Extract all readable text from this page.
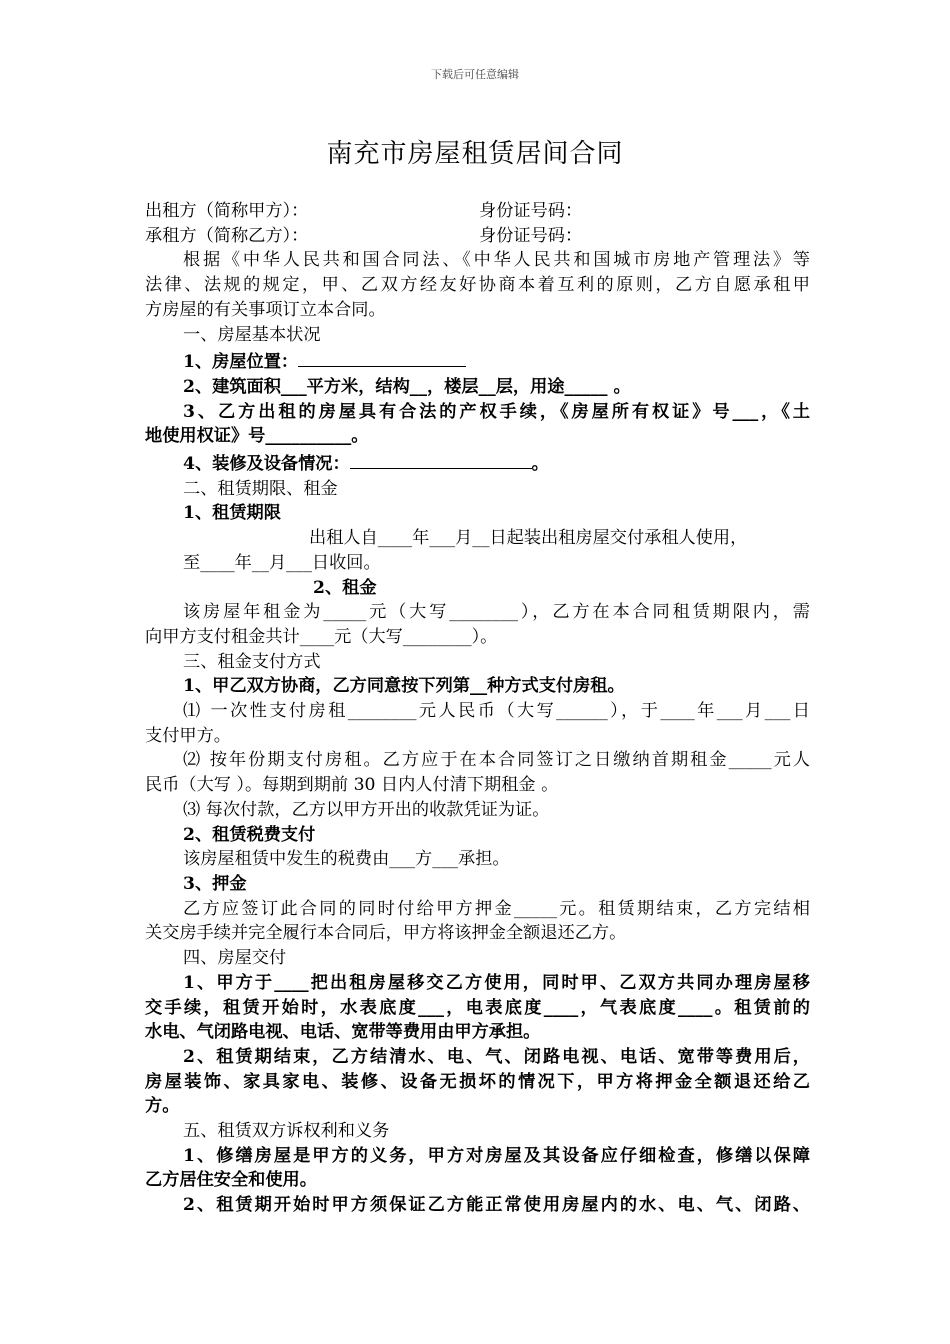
下载后可任意编辑
南充市房屋租赁居间合同
出租方（简称甲方）：	身份证号码：
承租方（简称乙方）：	身份证号码：
根据《中华人民共和国合同法、《中华人民共和国城市房地产管理法》等
法律、法规的规定，甲、乙双方经友好协商本着互利的原则，乙方自愿承租甲
方房屋的有关事项订立本合同。
一、房屋基本状况
1、房屋位置：
2、建筑面积___平方米，结构__，楼层__层，用途_____ 。
3、乙方出租的房屋具有合法的产权手续，《房屋所有权证》号___，《土
地使用权证》号__________。
4、装修及设备情况：	。
二、租赁期限、租金
1、租赁期限
出租人自____年___月__日起装出租房屋交付承租人使用，
至____年__月___日收回。
2、租金
该房屋年租金为_____元（大写________），乙方在本合同租赁期限内，需
向甲方支付租金共计____元（大写________）。
三、租金支付方式
1、甲乙双方协商，乙方同意按下列第__种方式支付房租。
⑴ 一次性支付房租________元人民币（大写______），于____年___月___日
支付甲方。
⑵ 按年份期支付房租。乙方应于在本合同签订之日缴纳首期租金_____元人
民币（大写 ）。每期到期前 30 日内人付清下期租金 。
⑶ 每次付款，乙方以甲方开出的收款凭证为证。
2、租赁税费支付
该房屋租赁中发生的税费由___方___承担。
3、押金
乙方应签订此合同的同时付给甲方押金_____元。租赁期结束，乙方完结相
关交房手续并完全履行本合同后，甲方将该押金全额退还乙方。
四、房屋交付
1、甲方于____把出租房屋移交乙方使用，同时甲、乙双方共同办理房屋移
交手续，租赁开始时，水表底度___，电表底度____，气表底度____。租赁前的
水电、气闭路电视、电话、宽带等费用由甲方承担。
2、租赁期结束，乙方结清水、电、气、闭路电视、电话、宽带等费用后，
房屋装饰、家具家电、装修、设备无损坏的情况下，甲方将押金全额退还给乙
方。
五、租赁双方诉权利和义务
1、修缮房屋是甲方的义务，甲方对房屋及其设备应仔细检查，修缮以保障
乙方居住安全和使用。
2、租赁期开始时甲方须保证乙方能正常使用房屋内的水、电、气、闭路、
